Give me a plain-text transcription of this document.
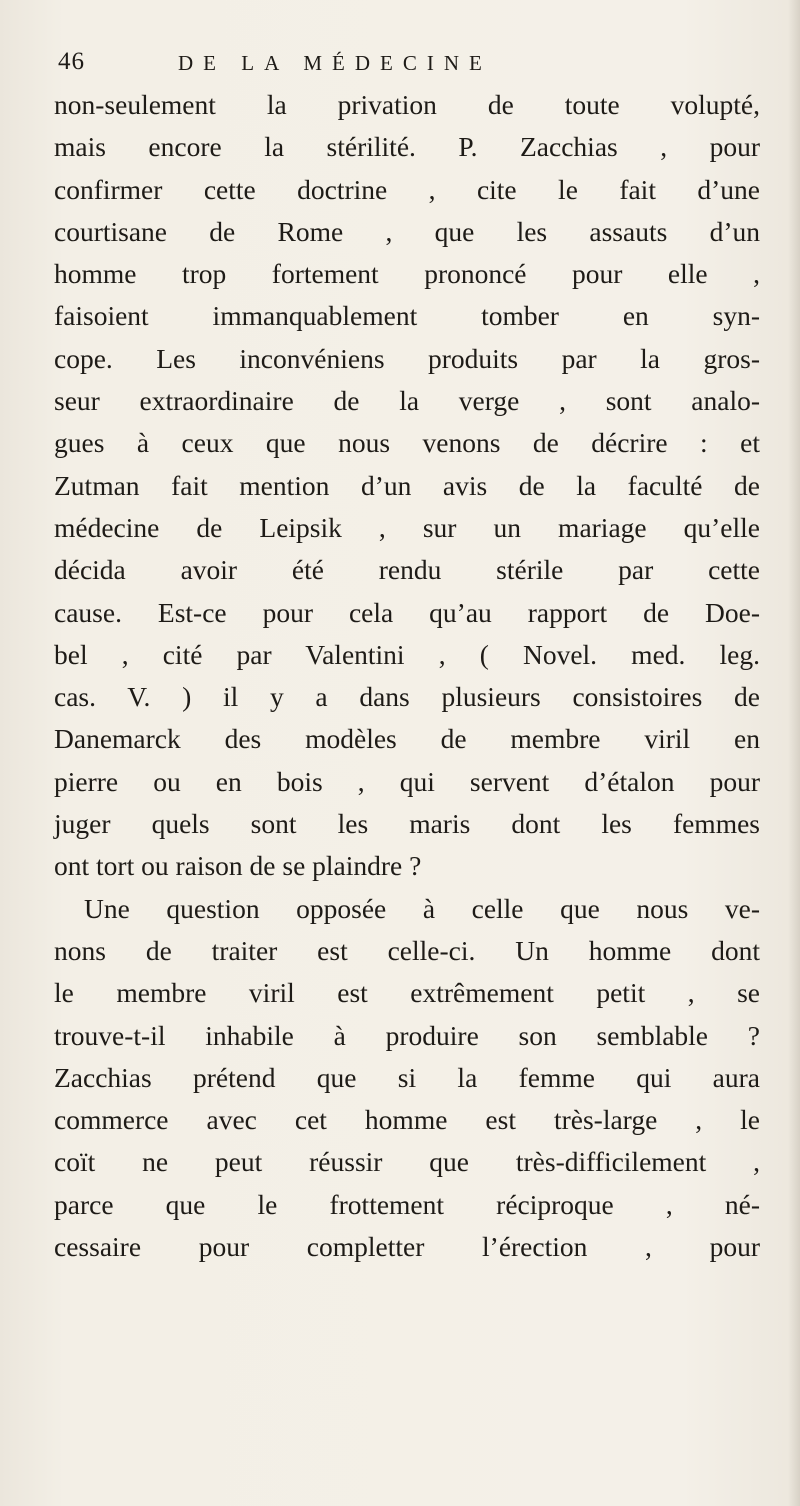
46	DE LA MÉDECINE
non-seulement la privation de toute volupté,
mais encore la stérilité. P. Zacchias , pour
confirmer cette doctrine , cite le fait d’une
courtisane de Rome , que les assauts d’un
homme trop fortement prononcé pour elle ,
faisoient immanquablement tomber en syn-
cope. Les inconvéniens produits par la gros-
seur extraordinaire de la verge , sont analo-
gues à ceux que nous venons de décrire : et
Zutman fait mention d’un avis de la faculté de
médecine de Leipsik , sur un mariage qu’elle
décida avoir été rendu stérile par cette
cause. Est-ce pour cela qu’au rapport de Doe-
bel , cité par Valentini , ( Novel. med. leg.
cas. V. ) il y a dans plusieurs consistoires de
Danemarck des modèles de membre viril en
pierre ou en bois , qui servent d’étalon pour
juger quels sont les maris dont les femmes
ont tort ou raison de se plaindre ?
Une question opposée à celle que nous ve-
nons de traiter est celle-ci. Un homme dont
le membre viril est extrêmement petit , se
trouve-t-il inhabile à produire son semblable ?
Zacchias prétend que si la femme qui aura
commerce avec cet homme est très-large , le
coït ne peut réussir que très-difficilement ,
parce que le frottement réciproque , né-
cessaire pour completter l’érection , pour
